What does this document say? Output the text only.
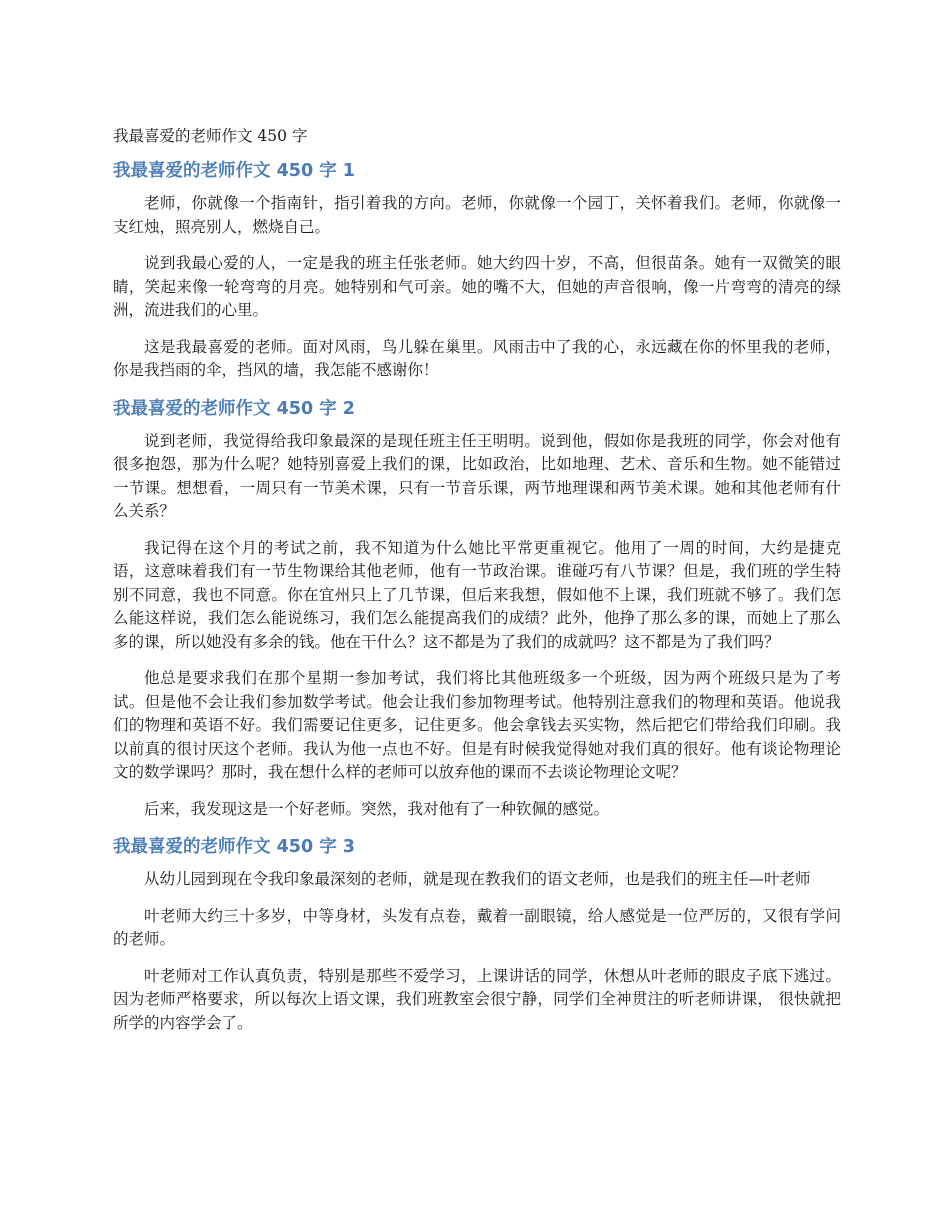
我最喜爱的老师作文 450 字
我最喜爱的老师作文 450 字 1

老师，你就像一个指南针，指引着我的方向。老师，你就像一个园丁，关怀着我们。老师，你就像一支红烛，照亮别人，燃烧自己。

说到我最心爱的人，一定是我的班主任张老师。她大约四十岁，不高，但很苗条。她有一双微笑的眼睛，笑起来像一轮弯弯的月亮。她特别和气可亲。她的嘴不大，但她的声音很响，像一片弯弯的清亮的绿洲，流进我们的心里。

这是我最喜爱的老师。面对风雨，鸟儿躲在巢里。风雨击中了我的心，永远藏在你的怀里我的老师，你是我挡雨的伞，挡风的墙，我怎能不感谢你！

我最喜爱的老师作文 450 字 2

说到老师，我觉得给我印象最深的是现任班主任王明明。说到他，假如你是我班的同学，你会对他有很多抱怨，那为什么呢？她特别喜爱上我们的课，比如政治，比如地理、艺术、音乐和生物。她不能错过一节课。想想看，一周只有一节美术课，只有一节音乐课，两节地理课和两节美术课。她和其他老师有什么关系？

我记得在这个月的考试之前，我不知道为什么她比平常更重视它。他用了一周的时间，大约是捷克语，这意味着我们有一节生物课给其他老师，他有一节政治课。谁碰巧有八节课？但是，我们班的学生特别不同意，我也不同意。你在宜州只上了几节课，但后来我想，假如他不上课，我们班就不够了。我们怎么能这样说，我们怎么能说练习，我们怎么能提高我们的成绩？此外，他挣了那么多的课，而她上了那么多的课，所以她没有多余的钱。他在干什么？这不都是为了我们的成就吗？这不都是为了我们吗？

他总是要求我们在那个星期一参加考试，我们将比其他班级多一个班级，因为两个班级只是为了考试。但是他不会让我们参加数学考试。他会让我们参加物理考试。他特别注意我们的物理和英语。他说我们的物理和英语不好。我们需要记住更多，记住更多。他会拿钱去买实物，然后把它们带给我们印刷。我以前真的很讨厌这个老师。我认为他一点也不好。但是有时候我觉得她对我们真的很好。他有谈论物理论文的数学课吗？那时，我在想什么样的老师可以放弃他的课而不去谈论物理论文呢？

后来，我发现这是一个好老师。突然，我对他有了一种钦佩的感觉。

我最喜爱的老师作文 450 字 3

从幼儿园到现在令我印象最深刻的老师，就是现在教我们的语文老师，也是我们的班主任—叶老师

叶老师大约三十多岁，中等身材，头发有点卷，戴着一副眼镜，给人感觉是一位严厉的，又很有学问的老师。

叶老师对工作认真负责，特别是那些不爱学习，上课讲话的同学，休想从叶老师的眼皮子底下逃过。因为老师严格要求，所以每次上语文课，我们班教室会很宁静，同学们全神贯注的听老师讲课， 很快就把所学的内容学会了。
